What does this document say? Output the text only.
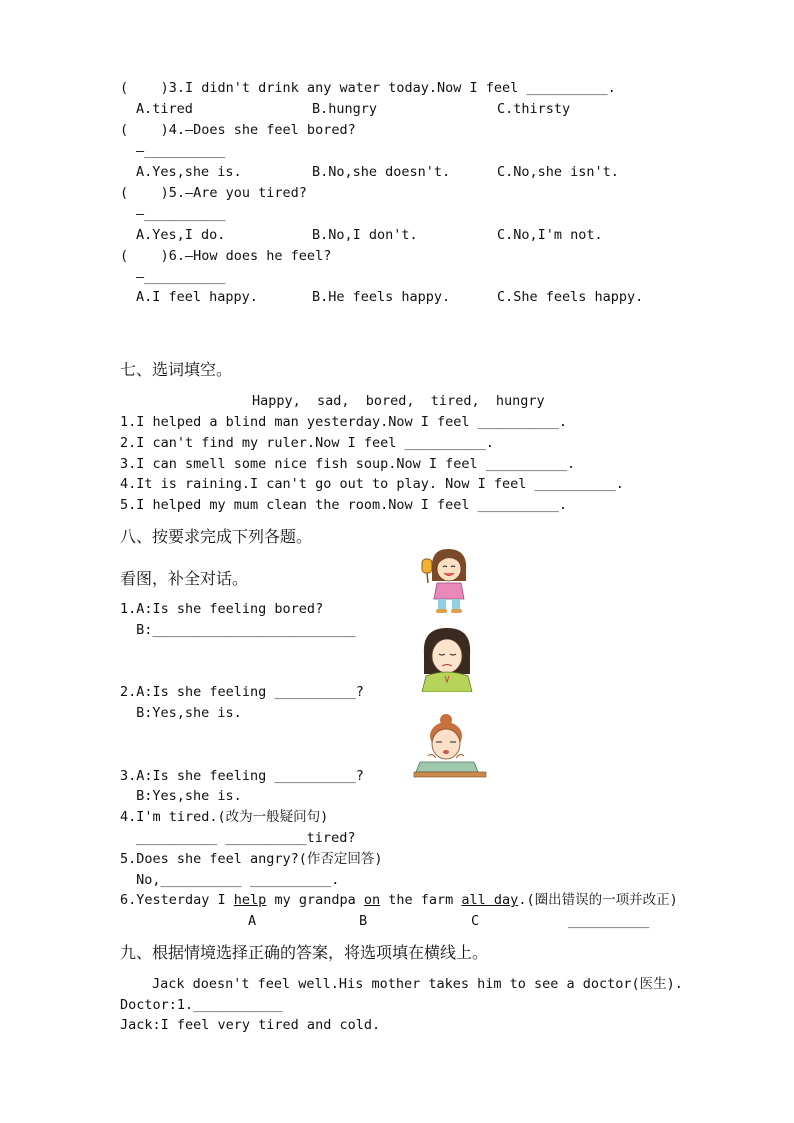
(    )3.I didn't drink any water today.Now I feel __________.
A.tired	B.hungry	C.thirsty
(    )4.—Does she feel bored?
—__________
A.Yes,she is.	B.No,she doesn't.	C.No,she isn't.
(    )5.—Are you tired?
—__________
A.Yes,I do.	B.No,I don't.	C.No,I'm not.
(    )6.—How does he feel?
—__________
A.I feel happy.	B.He feels happy.	C.She feels happy.
七、选词填空。
Happy,  sad,  bored,  tired,  hungry
1.I helped a blind man yesterday.Now I feel __________.
2.I can't find my ruler.Now I feel __________.
3.I can smell some nice fish soup.Now I feel __________.
4.It is raining.I can't go out to play. Now I feel __________.
5.I helped my mum clean the room.Now I feel __________.
八、按要求完成下列各题。
看图，补全对话。
1.A:Is she feeling bored?
B:_________________________
2.A:Is she feeling __________?
B:Yes,she is.
3.A:Is she feeling __________?
B:Yes,she is.
4.I'm tired.(改为一般疑问句)
__________ __________tired?
5.Does she feel angry?(作否定回答)
No,__________ __________.
6.Yesterday I help my grandpa on the farm all day.(圈出错误的一项并改正)
A	B	C	__________
九、根据情境选择正确的答案，将选项填在横线上。
Jack doesn't feel well.His mother takes him to see a doctor(医生).
Doctor:1.___________
Jack:I feel very tired and cold.
